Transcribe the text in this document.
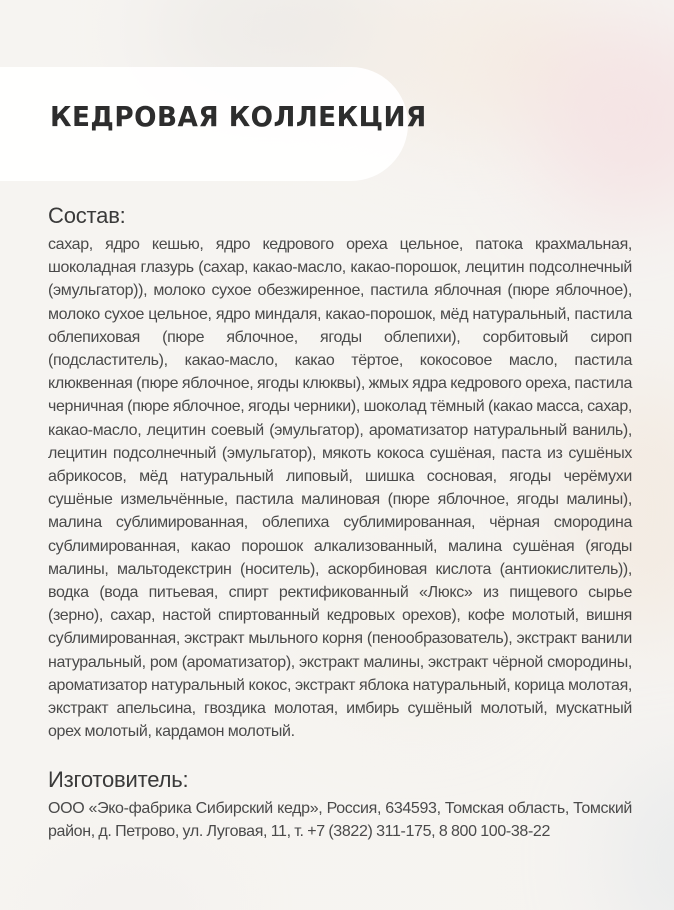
КЕДРОВАЯ КОЛЛЕКЦИЯ
Состав:

сахар, ядро кешью, ядро кедрового ореха цельное, патока крахмальная, шоколадная глазурь (сахар, какао-масло, какао-порошок, лецитин подсолнечный (эмульгатор)), молоко сухое обезжиренное, пастила яблочная (пюре яблочное), молоко сухое цельное, ядро миндаля, какао-порошок, мёд натуральный, пастила облепиховая (пюре яблочное, ягоды облепихи), сорбитовый сироп (подсластитель), какао-масло, какао тёртое, кокосовое масло, пастила клюквенная (пюре яблочное, ягоды клюквы), жмых ядра кедрового ореха, пастила черничная (пюре яблочное, ягоды черники), шоколад тёмный (какао масса, сахар, какао-масло, лецитин соевый (эмульгатор), ароматизатор натуральный ваниль), лецитин подсолнечный (эмульгатор), мякоть кокоса сушёная, паста из сушёных абрикосов, мёд натуральный липовый, шишка сосновая, ягоды черёмухи сушёные измельчённые, пастила малиновая (пюре яблочное, ягоды малины), малина сублимированная, облепиха сублимированная, чёрная смородина сублимированная, какао порошок алкализованный, малина сушёная (ягоды малины, мальтодекстрин (носитель), аскорбиновая кислота (антиокислитель)), водка (вода питьевая, спирт ректификованный «Люкс» из пищевого сырье (зерно), сахар, настой спиртованный кедровых орехов), кофе молотый, вишня сублимированная, экстракт мыльного корня (пенообразователь), экстракт ванили натуральный, ром (ароматизатор), экстракт малины, экстракт чёрной смородины, ароматизатор натуральный кокос, экстракт яблока натуральный, корица молотая, экстракт апельсина, гвоздика молотая, имбирь сушёный молотый, мускатный орех молотый, кардамон молотый.

Изготовитель:

ООО «Эко-фабрика Сибирский кедр», Россия, 634593, Томская область, Томский район, д. Петрово, ул. Луговая, 11, т. +7 (3822) 311-175, 8 800 100-38-22
